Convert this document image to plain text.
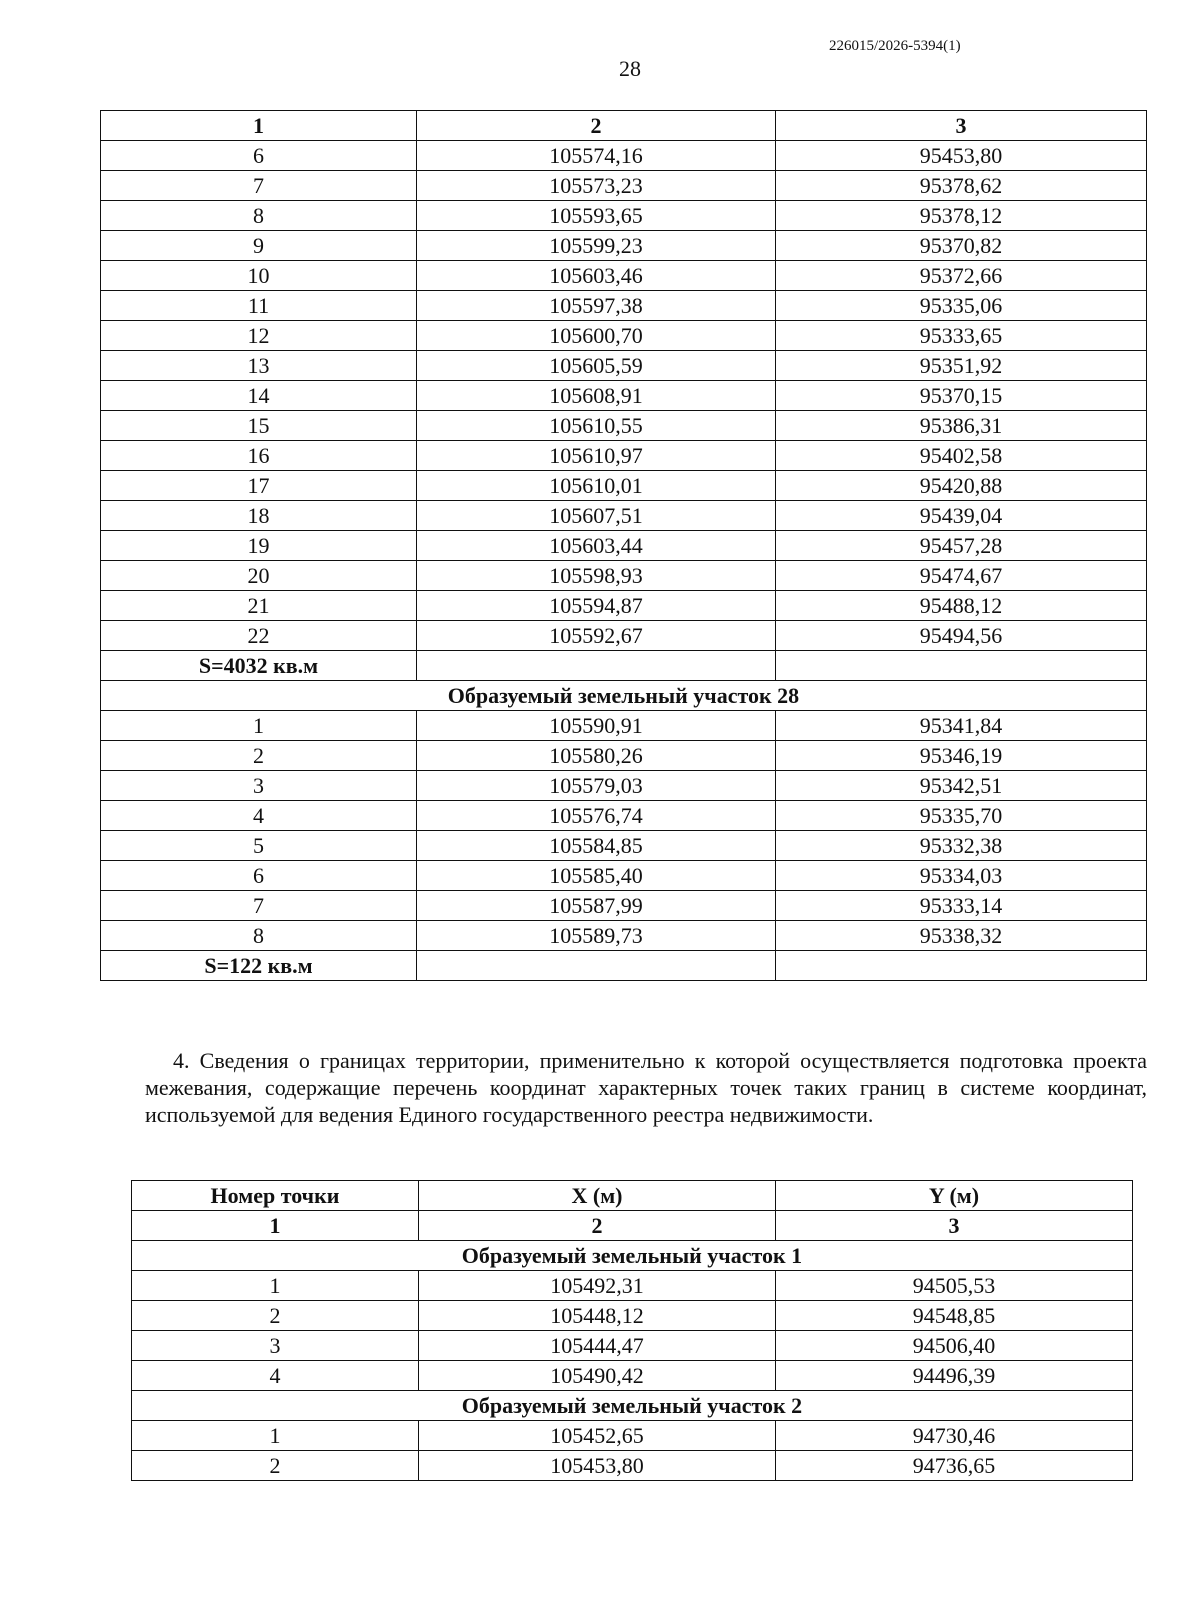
226015/2026-5394(1)
28
1	2	3
6	105574,16	95453,80
7	105573,23	95378,62
8	105593,65	95378,12
9	105599,23	95370,82
10	105603,46	95372,66
11	105597,38	95335,06
12	105600,70	95333,65
13	105605,59	95351,92
14	105608,91	95370,15
15	105610,55	95386,31
16	105610,97	95402,58
17	105610,01	95420,88
18	105607,51	95439,04
19	105603,44	95457,28
20	105598,93	95474,67
21	105594,87	95488,12
22	105592,67	95494,56
S=4032 кв.м		
Образуемый земельный участок 28		
1	105590,91	95341,84
2	105580,26	95346,19
3	105579,03	95342,51
4	105576,74	95335,70
5	105584,85	95332,38
6	105585,40	95334,03
7	105587,99	95333,14
8	105589,73	95338,32
S=122 кв.м		
4. Сведения о границах территории, применительно к которой осуществляется подготовка проекта межевания, содержащие перечень координат характерных точек таких границ в системе координат, используемой для ведения Единого государственного реестра недвижимости.
Номер точки	X (м)	Y (м)
1	2	3
Образуемый земельный участок 1		
1	105492,31	94505,53
2	105448,12	94548,85
3	105444,47	94506,40
4	105490,42	94496,39
Образуемый земельный участок 2		
1	105452,65	94730,46
2	105453,80	94736,65
